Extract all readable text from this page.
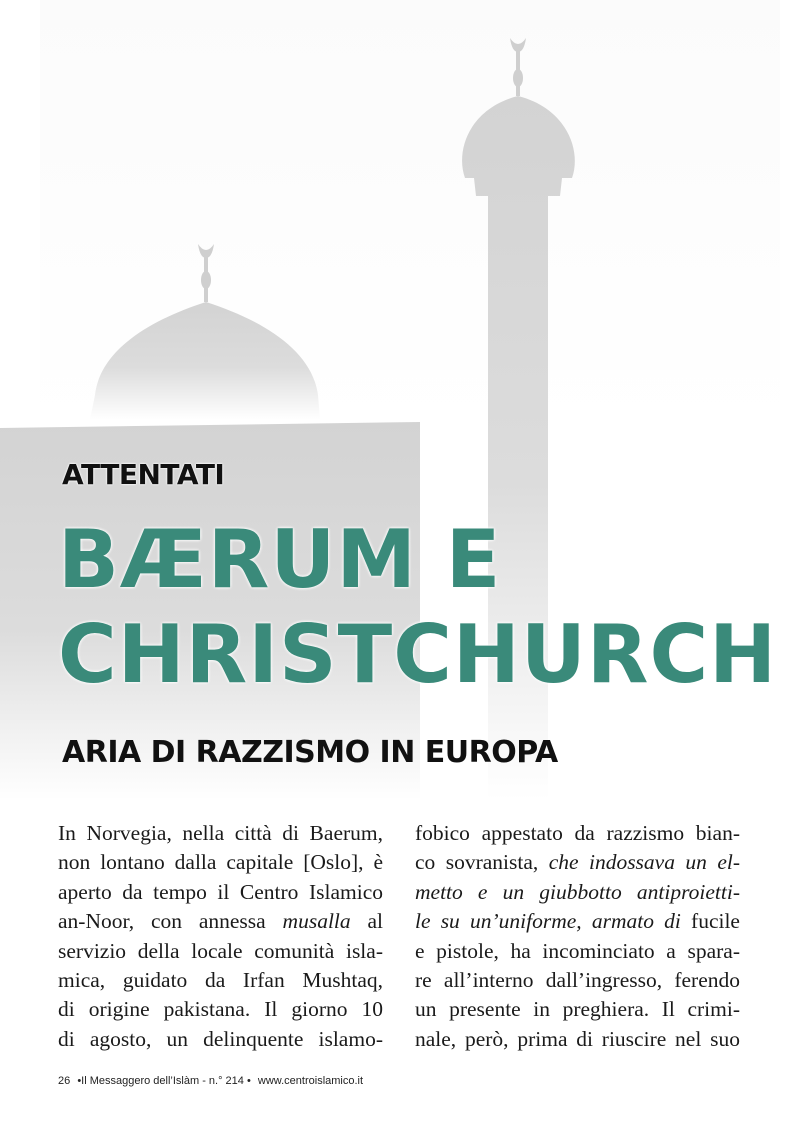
ATTENTATI
BÆRUM E
CHRISTCHURCH
ARIA DI RAZZISMO IN EUROPA
In Norvegia, nella città di Baerum,
non lontano dalla capitale [Oslo], è
aperto da tempo il Centro Islamico
an-Noor, con annessa musalla al
servizio della locale comunità isla-
mica, guidato da Irfan Mushtaq,
di origine pakistana. Il giorno 10
di agosto, un delinquente islamo-
fobico appestato da razzismo bian-
co sovranista, che indossava un el-
metto e un giubbotto antiproietti-
le su un’uniforme, armato di fucile
e pistole, ha incominciato a spara-
re all’interno dall’ingresso, ferendo
un presente in preghiera. Il crimi-
nale, però, prima di riuscire nel suo
26 •Il Messaggero dell’Islàm - n.° 214 • www.centroislamico.it
